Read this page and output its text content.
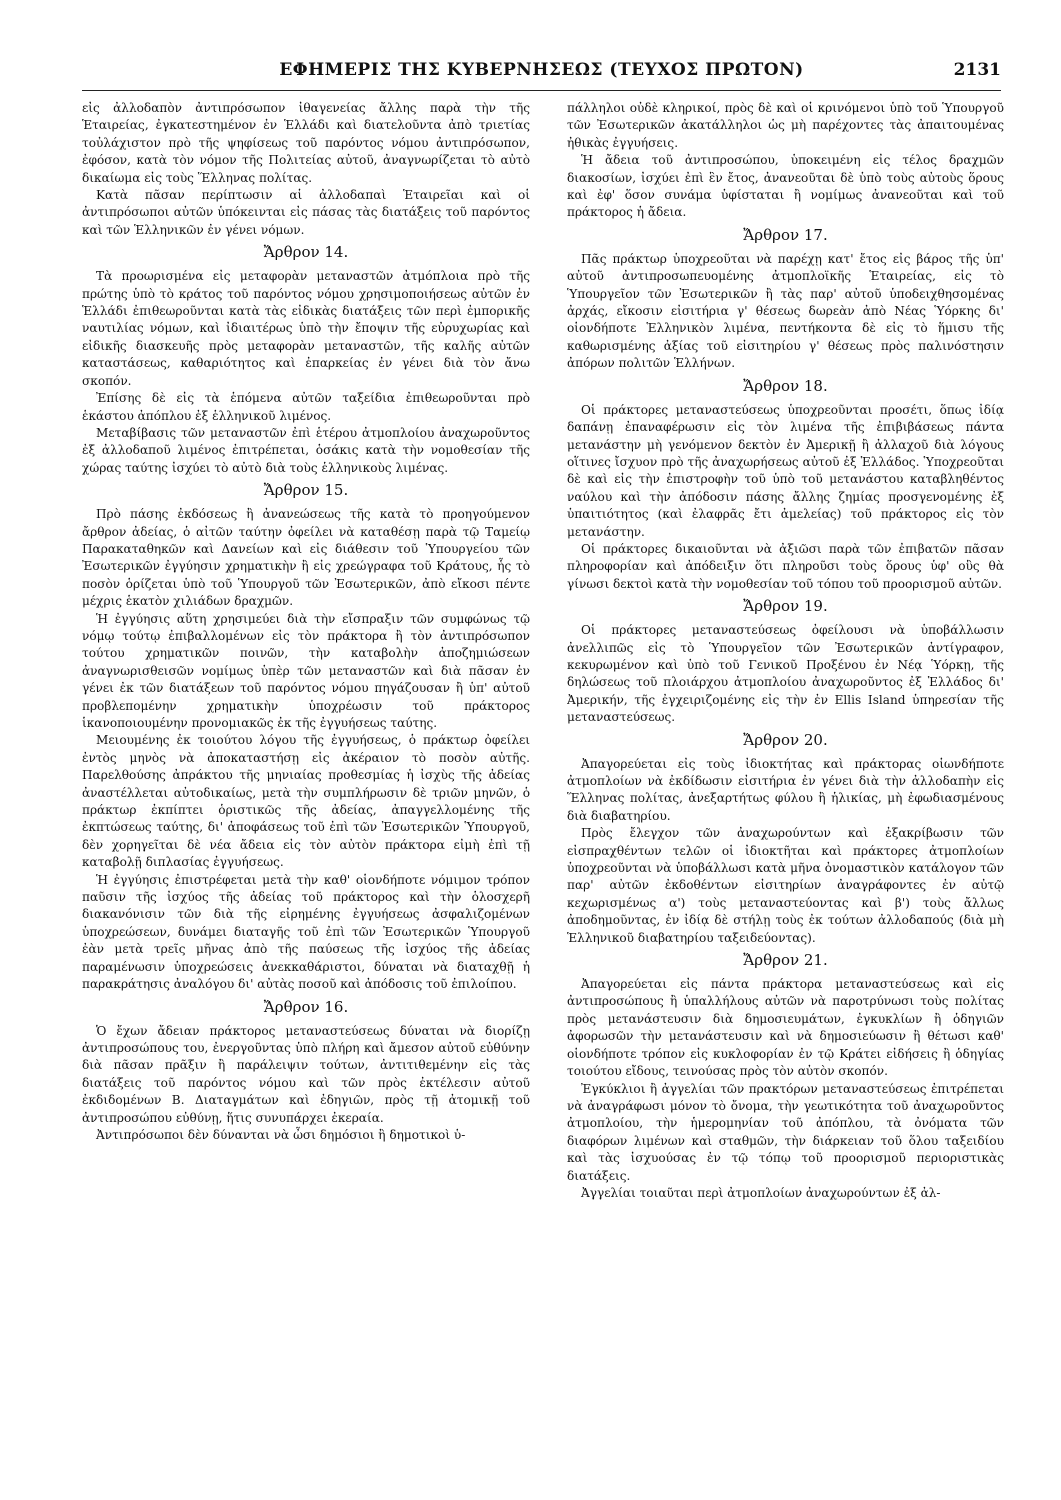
ΕΦΗΜΕΡΙΣ ΤΗΣ ΚΥΒΕΡΝΗΣΕΩΣ (ΤΕΥΧΟΣ ΠΡΩΤΟΝ)	2131

εἰς ἀλλοδαπὸν ἀντιπρόσωπον ἰθαγενείας ἄλλης παρὰ τὴν τῆς Ἑταιρείας, ἐγκατεστημένον ἐν Ἑλλάδι καὶ διατελοῦντα ἀπὸ τριετίας τοὐλάχιστον πρὸ τῆς ψηφίσεως τοῦ παρόντος νόμου ἀντιπρόσωπον, ἐφόσον, κατὰ τὸν νόμον τῆς Πολιτείας αὐτοῦ, ἀναγνωρίζεται τὸ αὐτὸ δικαίωμα εἰς τοὺς Ἕλληνας πολίτας.

Κατὰ πᾶσαν περίπτωσιν αἱ ἀλλοδαπαὶ Ἑταιρεῖαι καὶ οἱ ἀντιπρόσωποι αὐτῶν ὑπόκεινται εἰς πάσας τὰς διατάξεις τοῦ παρόντος καὶ τῶν Ἑλληνικῶν ἐν γένει νόμων.

Ἄρθρον 14.

Τὰ προωρισμένα εἰς μεταφορὰν μεταναστῶν ἀτμόπλοια πρὸ τῆς πρώτης ὑπὸ τὸ κράτος τοῦ παρόντος νόμου χρησιμοποιήσεως αὐτῶν ἐν Ἑλλάδι ἐπιθεωροῦνται κατὰ τὰς εἰδικὰς διατάξεις τῶν περὶ ἐμπορικῆς ναυτιλίας νόμων, καὶ ἰδιαιτέρως ὑπὸ τὴν ἔποψιν τῆς εὐρυχωρίας καὶ εἰδικῆς διασκευῆς πρὸς μεταφορὰν μεταναστῶν, τῆς καλῆς αὐτῶν καταστάσεως, καθαριότητος καὶ ἐπαρκείας ἐν γένει διὰ τὸν ἄνω σκοπόν.

Ἐπίσης δὲ εἰς τὰ ἑπόμενα αὐτῶν ταξείδια ἐπιθεωροῦνται πρὸ ἑκάστου ἀπόπλου ἐξ ἑλληνικοῦ λιμένος.

Μεταβίβασις τῶν μεταναστῶν ἐπὶ ἑτέρου ἀτμοπλοίου ἀναχωροῦντος ἐξ ἀλλοδαποῦ λιμένος ἐπιτρέπεται, ὁσάκις κατὰ τὴν νομοθεσίαν τῆς χώρας ταύτης ἰσχύει τὸ αὐτὸ διὰ τοὺς ἑλληνικοὺς λιμένας.

Ἄρθρον 15.

Πρὸ πάσης ἐκδόσεως ἢ ἀνανεώσεως τῆς κατὰ τὸ προηγούμενον ἄρθρον ἀδείας, ὁ αἰτῶν ταύτην ὀφείλει νὰ καταθέσῃ παρὰ τῷ Ταμείῳ Παρακαταθηκῶν καὶ Δανείων καὶ εἰς διάθεσιν τοῦ Ὑπουργείου τῶν Ἐσωτερικῶν ἐγγύησιν χρηματικὴν ἢ εἰς χρεώγραφα τοῦ Κράτους, ἧς τὸ ποσὸν ὁρίζεται ὑπὸ τοῦ Ὑπουργοῦ τῶν Ἐσωτερικῶν, ἀπὸ εἴκοσι πέντε μέχρις ἑκατὸν χιλιάδων δραχμῶν.

Ἡ ἐγγύησις αὕτη χρησιμεύει διὰ τὴν εἴσπραξιν τῶν συμφώνως τῷ νόμῳ τούτῳ ἐπιβαλλομένων εἰς τὸν πράκτορα ἢ τὸν ἀντιπρόσωπον τούτου χρηματικῶν ποινῶν, τὴν καταβολὴν ἀποζημιώσεων ἀναγνωρισθεισῶν νομίμως ὑπὲρ τῶν μεταναστῶν καὶ διὰ πᾶσαν ἐν γένει ἐκ τῶν διατάξεων τοῦ παρόντος νόμου πηγάζουσαν ἢ ὑπ' αὐτοῦ προβλεπομένην χρηματικὴν ὑποχρέωσιν τοῦ πράκτορος ἱκανοποιουμένην προνομιακῶς ἐκ τῆς ἐγγυήσεως ταύτης.

Μειουμένης ἐκ τοιούτου λόγου τῆς ἐγγυήσεως, ὁ πράκτωρ ὀφείλει ἐντὸς μηνὸς νὰ ἀποκαταστήσῃ εἰς ἀκέραιον τὸ ποσὸν αὐτῆς. Παρελθούσης ἀπράκτου τῆς μηνιαίας προθεσμίας ἡ ἰσχὺς τῆς ἀδείας ἀναστέλλεται αὐτοδικαίως, μετὰ τὴν συμπλήρωσιν δὲ τριῶν μηνῶν, ὁ πράκτωρ ἐκπίπτει ὁριστικῶς τῆς ἀδείας, ἀπαγγελλομένης τῆς ἐκπτώσεως ταύτης, δι' ἀποφάσεως τοῦ ἐπὶ τῶν Ἐσωτερικῶν Ὑπουργοῦ, δὲν χορηγεῖται δὲ νέα ἄδεια εἰς τὸν αὐτὸν πράκτορα εἰμὴ ἐπὶ τῇ καταβολῇ διπλασίας ἐγγυήσεως.

Ἡ ἐγγύησις ἐπιστρέφεται μετὰ τὴν καθ' οἱονδήποτε νόμιμον τρόπον παῦσιν τῆς ἰσχύος τῆς ἀδείας τοῦ πράκτορος καὶ τὴν ὁλοσχερῆ διακανόνισιν τῶν διὰ τῆς εἰρημένης ἐγγυήσεως ἀσφαλιζομένων ὑποχρεώσεων, δυνάμει διαταγῆς τοῦ ἐπὶ τῶν Ἐσωτερικῶν Ὑπουργοῦ ἐὰν μετὰ τρεῖς μῆνας ἀπὸ τῆς παύσεως τῆς ἰσχύος τῆς ἀδείας παραμένωσιν ὑποχρεώσεις ἀνεκκαθάριστοι, δύναται νὰ διαταχθῇ ἡ παρακράτησις ἀναλόγου δι' αὐτὰς ποσοῦ καὶ ἀπόδοσις τοῦ ἐπιλοίπου.

Ἄρθρον 16.

Ὁ ἔχων ἄδειαν πράκτορος μεταναστεύσεως δύναται νὰ διορίζῃ ἀντιπροσώπους του, ἐνεργοῦντας ὑπὸ πλήρη καὶ ἄμεσον αὐτοῦ εὐθύνην διὰ πᾶσαν πρᾶξιν ἢ παράλειψιν τούτων, ἀντιτιθεμένην εἰς τὰς διατάξεις τοῦ παρόντος νόμου καὶ τῶν πρὸς ἐκτέλεσιν αὐτοῦ ἐκδιδομένων Β. Διαταγμάτων καὶ ἐδηγιῶν, πρὸς τῇ ἀτομικῇ τοῦ ἀντιπροσώπου εὐθύνῃ, ἥτις συνυπάρχει ἐκεραία.

Ἀντιπρόσωποι δὲν δύνανται νὰ ὦσι δημόσιοι ἢ δημοτικοὶ ὑ-

πάλληλοι οὐδὲ κληρικοί, πρὸς δὲ καὶ οἱ κρινόμενοι ὑπὸ τοῦ Ὑπουργοῦ τῶν Ἐσωτερικῶν ἀκατάλληλοι ὡς μὴ παρέχοντες τὰς ἀπαιτουμένας ἠθικὰς ἐγγυήσεις.

Ἡ ἄδεια τοῦ ἀντιπροσώπου, ὑποκειμένη εἰς τέλος δραχμῶν διακοσίων, ἰσχύει ἐπὶ ἓν ἔτος, ἀνανεοῦται δὲ ὑπὸ τοὺς αὐτοὺς ὅρους καὶ ἐφ' ὅσον συνάμα ὑφίσταται ἢ νομίμως ἀνανεοῦται καὶ τοῦ πράκτορος ἡ ἄδεια.

Ἄρθρον 17.

Πᾶς πράκτωρ ὑποχρεοῦται νὰ παρέχῃ κατ' ἔτος εἰς βάρος τῆς ὑπ' αὐτοῦ ἀντιπροσωπευομένης ἀτμοπλοϊκῆς Ἑταιρείας, εἰς τὸ Ὑπουργεῖον τῶν Ἐσωτερικῶν ἢ τὰς παρ' αὐτοῦ ὑποδειχθησομένας ἀρχάς, εἴκοσιν εἰσιτήρια γ' θέσεως δωρεὰν ἀπὸ Νέας Ὑόρκης δι' οἱονδήποτε Ἑλληνικὸν λιμένα, πεντήκοντα δὲ εἰς τὸ ἥμισυ τῆς καθωρισμένης ἀξίας τοῦ εἰσιτηρίου γ' θέσεως πρὸς παλινόστησιν ἀπόρων πολιτῶν Ἑλλήνων.

Ἄρθρον 18.

Οἱ πράκτορες μεταναστεύσεως ὑποχρεοῦνται προσέτι, ὅπως ἰδίᾳ δαπάνῃ ἐπαναφέρωσιν εἰς τὸν λιμένα τῆς ἐπιβιβάσεως πάντα μετανάστην μὴ γενόμενον δεκτὸν ἐν Ἀμερικῇ ἢ ἀλλαχοῦ διὰ λόγους οἵτινες ἴσχυον πρὸ τῆς ἀναχωρήσεως αὐτοῦ ἐξ Ἑλλάδος. Ὑποχρεοῦται δὲ καὶ εἰς τὴν ἐπιστροφὴν τοῦ ὑπὸ τοῦ μετανάστου καταβληθέντος ναύλου καὶ τὴν ἀπόδοσιν πάσης ἄλλης ζημίας προσγενομένης ἐξ ὑπαιτιότητος (καὶ ἐλαφρᾶς ἔτι ἀμελείας) τοῦ πράκτορος εἰς τὸν μετανάστην.

Οἱ πράκτορες δικαιοῦνται νὰ ἀξιῶσι παρὰ τῶν ἐπιβατῶν πᾶσαν πληροφορίαν καὶ ἀπόδειξιν ὅτι πληροῦσι τοὺς ὅρους ὑφ' οὓς θὰ γίνωσι δεκτοὶ κατὰ τὴν νομοθεσίαν τοῦ τόπου τοῦ προορισμοῦ αὐτῶν.

Ἄρθρον 19.

Οἱ πράκτορες μεταναστεύσεως ὀφείλουσι νὰ ὑποβάλλωσιν ἀνελλιπῶς εἰς τὸ Ὑπουργεῖον τῶν Ἐσωτερικῶν ἀντίγραφον, κεκυρωμένον καὶ ὑπὸ τοῦ Γενικοῦ Προξένου ἐν Νέᾳ Ὑόρκῃ, τῆς δηλώσεως τοῦ πλοιάρχου ἀτμοπλοίου ἀναχωροῦντος ἐξ Ἑλλάδος δι' Ἀμερικήν, τῆς ἐγχειριζομένης εἰς τὴν ἐν Ellis Island ὑπηρεσίαν τῆς μεταναστεύσεως.

Ἄρθρον 20.

Ἀπαγορεύεται εἰς τοὺς ἰδιοκτήτας καὶ πράκτορας οἱωνδήποτε ἀτμοπλοίων νὰ ἐκδίδωσιν εἰσιτήρια ἐν γένει διὰ τὴν ἀλλοδαπὴν εἰς Ἕλληνας πολίτας, ἀνεξαρτήτως φύλου ἢ ἡλικίας, μὴ ἐφωδιασμένους διὰ διαβατηρίου.

Πρὸς ἔλεγχον τῶν ἀναχωρούντων καὶ ἐξακρίβωσιν τῶν εἰσπραχθέντων τελῶν οἱ ἰδιοκτῆται καὶ πράκτορες ἀτμοπλοίων ὑποχρεοῦνται νὰ ὑποβάλλωσι κατὰ μῆνα ὀνομαστικὸν κατάλογον τῶν παρ' αὐτῶν ἐκδοθέντων εἰσιτηρίων ἀναγράφοντες ἐν αὐτῷ κεχωρισμένως α') τοὺς μεταναστεύοντας καὶ β') τοὺς ἄλλως ἀποδημοῦντας, ἐν ἰδίᾳ δὲ στήλῃ τοὺς ἐκ τούτων ἀλλοδαπούς (διὰ μὴ Ἑλληνικοῦ διαβατηρίου ταξειδεύοντας).

Ἄρθρον 21.

Ἀπαγορεύεται εἰς πάντα πράκτορα μεταναστεύσεως καὶ εἰς ἀντιπροσώπους ἢ ὑπαλλήλους αὐτῶν νὰ παροτρύνωσι τοὺς πολίτας πρὸς μετανάστευσιν διὰ δημοσιευμάτων, ἐγκυκλίων ἢ ὁδηγιῶν ἀφορωσῶν τὴν μετανάστευσιν καὶ νὰ δημοσιεύωσιν ἢ θέτωσι καθ' οἱονδήποτε τρόπον εἰς κυκλοφορίαν ἐν τῷ Κράτει εἰδήσεις ἢ ὁδηγίας τοιούτου εἴδους, τεινούσας πρὸς τὸν αὐτὸν σκοπόν.

Ἐγκύκλιοι ἢ ἀγγελίαι τῶν πρακτόρων μεταναστεύσεως ἐπιτρέπεται νὰ ἀναγράφωσι μόνον τὸ ὄνομα, τὴν γεωτικότητα τοῦ ἀναχωροῦντος ἀτμοπλοίου, τὴν ἡμερομηνίαν τοῦ ἀπόπλου, τὰ ὀνόματα τῶν διαφόρων λιμένων καὶ σταθμῶν, τὴν διάρκειαν τοῦ ὅλου ταξειδίου καὶ τὰς ἰσχυούσας ἐν τῷ τόπῳ τοῦ προορισμοῦ περιοριστικὰς διατάξεις.

Ἀγγελίαι τοιαῦται περὶ ἀτμοπλοίων ἀναχωρούντων ἐξ ἀλ-
